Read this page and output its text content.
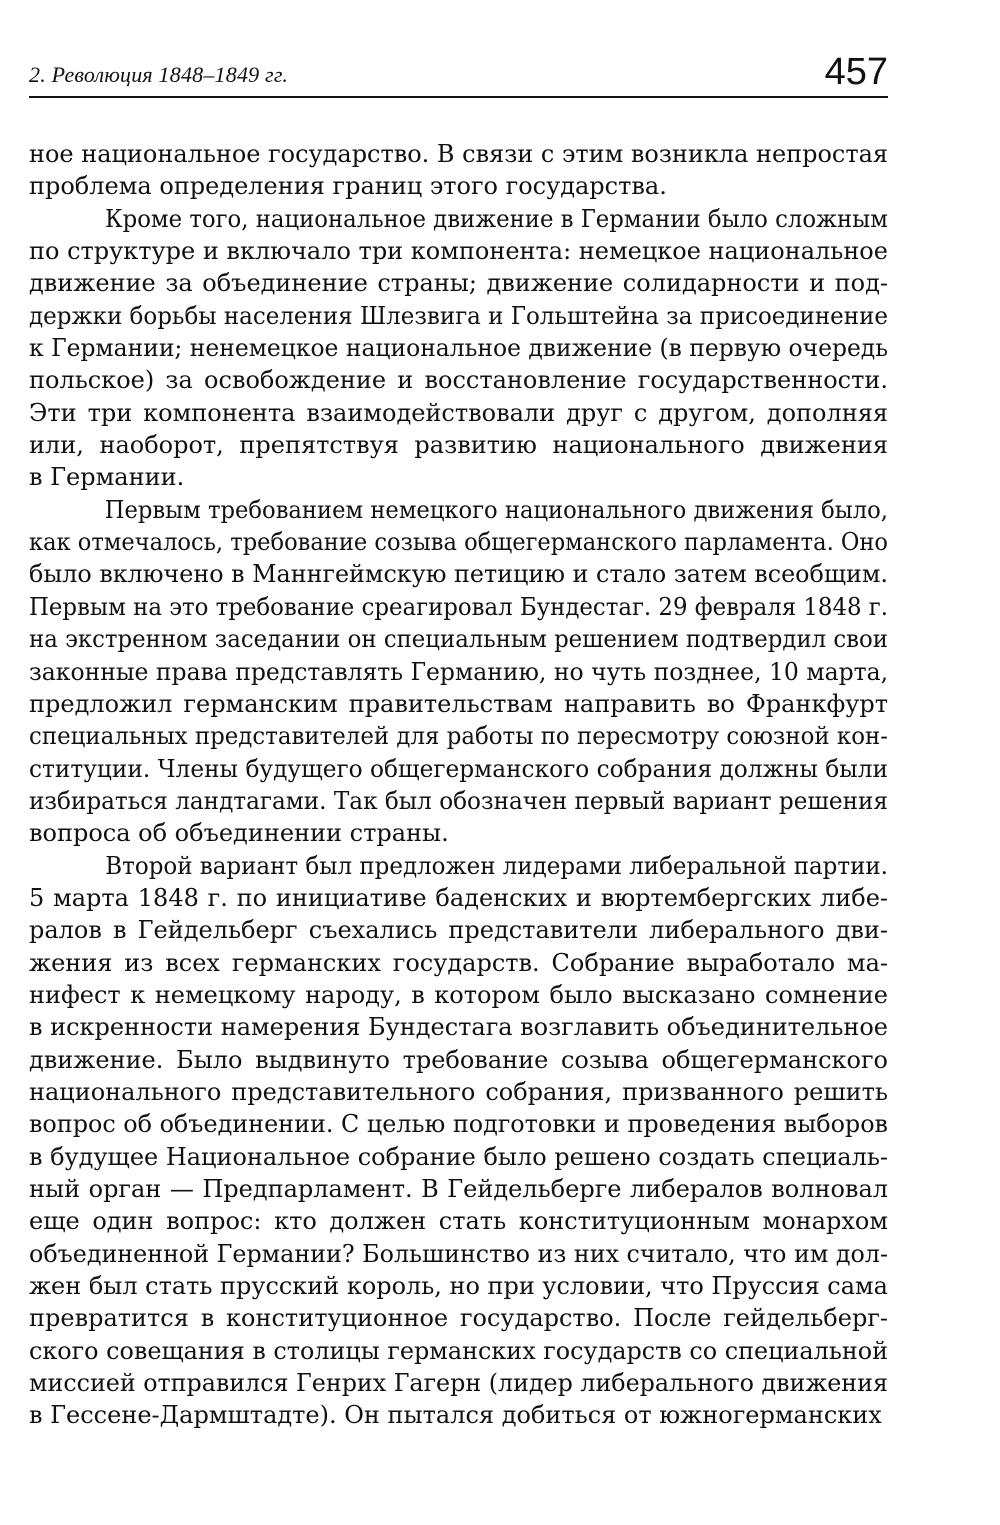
2. Революция 1848–1849 гг.	457
ное национальное государство. В связи с этим возникла непростая
проблема определения границ этого государства.
Кроме того, национальное движение в Германии было сложным
по структуре и включало три компонента: немецкое национальное
движение за объединение страны; движение солидарности и под-
держки борьбы населения Шлезвига и Гольштейна за присоединение
к Германии; ненемецкое национальное движение (в первую очередь
польское) за освобождение и восстановление государственности.
Эти три компонента взаимодействовали друг с другом, дополняя
или, наоборот, препятствуя развитию национального движения
в Германии.
Первым требованием немецкого национального движения было,
как отмечалось, требование созыва общегерманского парламента. Оно
было включено в Маннгеймскую петицию и стало затем всеобщим.
Первым на это требование среагировал Бундестаг. 29 февраля 1848 г.
на экстренном заседании он специальным решением подтвердил свои
законные права представлять Германию, но чуть позднее, 10 марта,
предложил германским правительствам направить во Франкфурт
специальных представителей для работы по пересмотру союзной кон-
ституции. Члены будущего общегерманского собрания должны были
избираться ландтагами. Так был обозначен первый вариант решения
вопроса об объединении страны.
Второй вариант был предложен лидерами либеральной партии.
5 марта 1848 г. по инициативе баденских и вюртембергских либе-
ралов в Гейдельберг съехались представители либерального дви-
жения из всех германских государств. Собрание выработало ма-
нифест к немецкому народу, в котором было высказано сомнение
в искренности намерения Бундестага возглавить объединительное
движение. Было выдвинуто требование созыва общегерманского
национального представительного собрания, призванного решить
вопрос об объединении. С целью подготовки и проведения выборов
в будущее Национальное собрание было решено создать специаль-
ный орган — Предпарламент. В Гейдельберге либералов волновал
еще один вопрос: кто должен стать конституционным монархом
объединенной Германии? Большинство из них считало, что им дол-
жен был стать прусский король, но при условии, что Пруссия сама
превратится в конституционное государство. После гейдельберг-
ского совещания в столицы германских государств со специальной
миссией отправился Генрих Гагерн (лидер либерального движения
в Гессене-Дармштадте). Он пытался добиться от южногерманских
